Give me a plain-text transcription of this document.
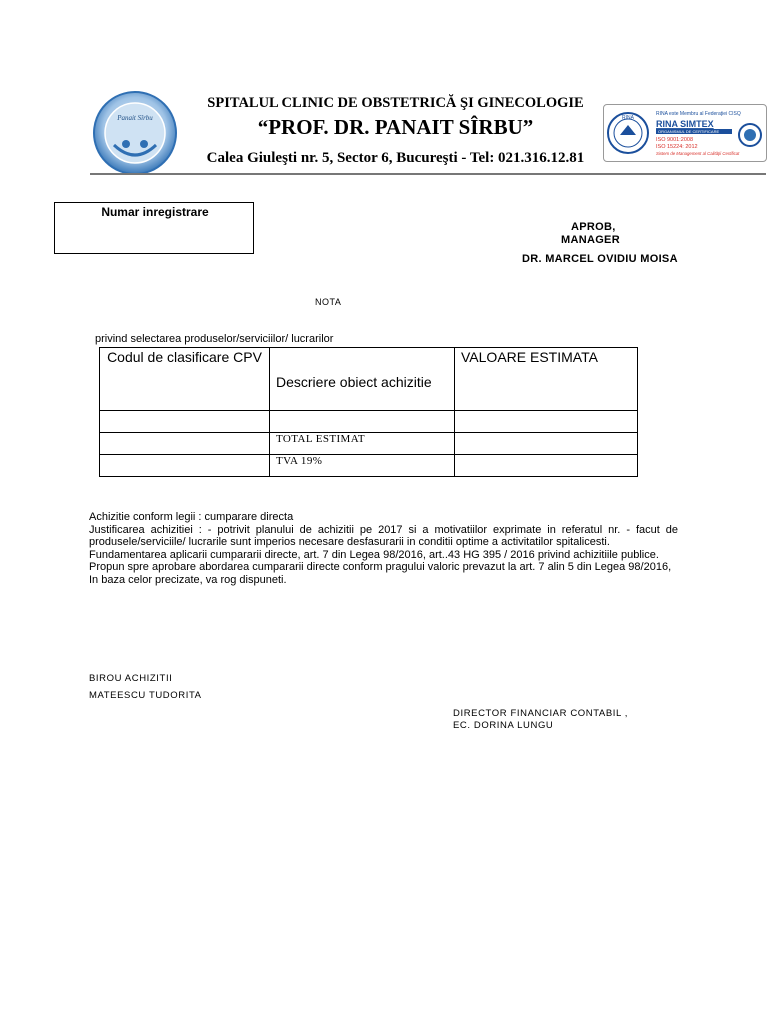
Panait Sîrbu
SPITALUL CLINIC DE OBSTETRICĂ ŞI GINECOLOGIE
“PROF. DR. PANAIT SÎRBU”
Calea Giuleşti nr. 5, Sector 6, Bucureşti - Tel: 021.316.12.81
RINA
RINA este Membru al Federaţiei CISQ
RINA SIMTEX
ORGANISMUL DE CERTIFICARE
ISO 9001:2008
ISO 15224: 2012
Sistem de Management al Calităţii Certificat
Numar inregistrare
APROB,
MANAGER
DR. MARCEL OVIDIU MOISA
NOTA
privind selectarea produselor/serviciilor/ lucrarilor
Codul de clasificare CPV	Descriere obiect achizitie	VALOARE ESTIMATA

	TOTAL ESTIMAT	

	TVA 19%	

Achizitie conform legii : cumparare directa

Justificarea achizitiei : - potrivit planului de achizitii pe 2017 si a motivatiilor exprimate in referatul nr. - facut de produsele/serviciile/ lucrarile sunt imperios necesare desfasurarii in conditii optime a activitatilor spitalicesti.

Fundamentarea aplicarii cumpararii directe, art. 7 din Legea 98/2016, art..43 HG 395 / 2016 privind achizitiile publice.

Propun spre aprobare abordarea cumpararii directe conform pragului valoric prevazut la art. 7 alin 5 din Legea 98/2016,

In baza celor precizate, va rog dispuneti.

BIROU ACHIZITII
MATEESCU TUDORITA
DIRECTOR FINANCIAR CONTABIL ,
EC. DORINA LUNGU
